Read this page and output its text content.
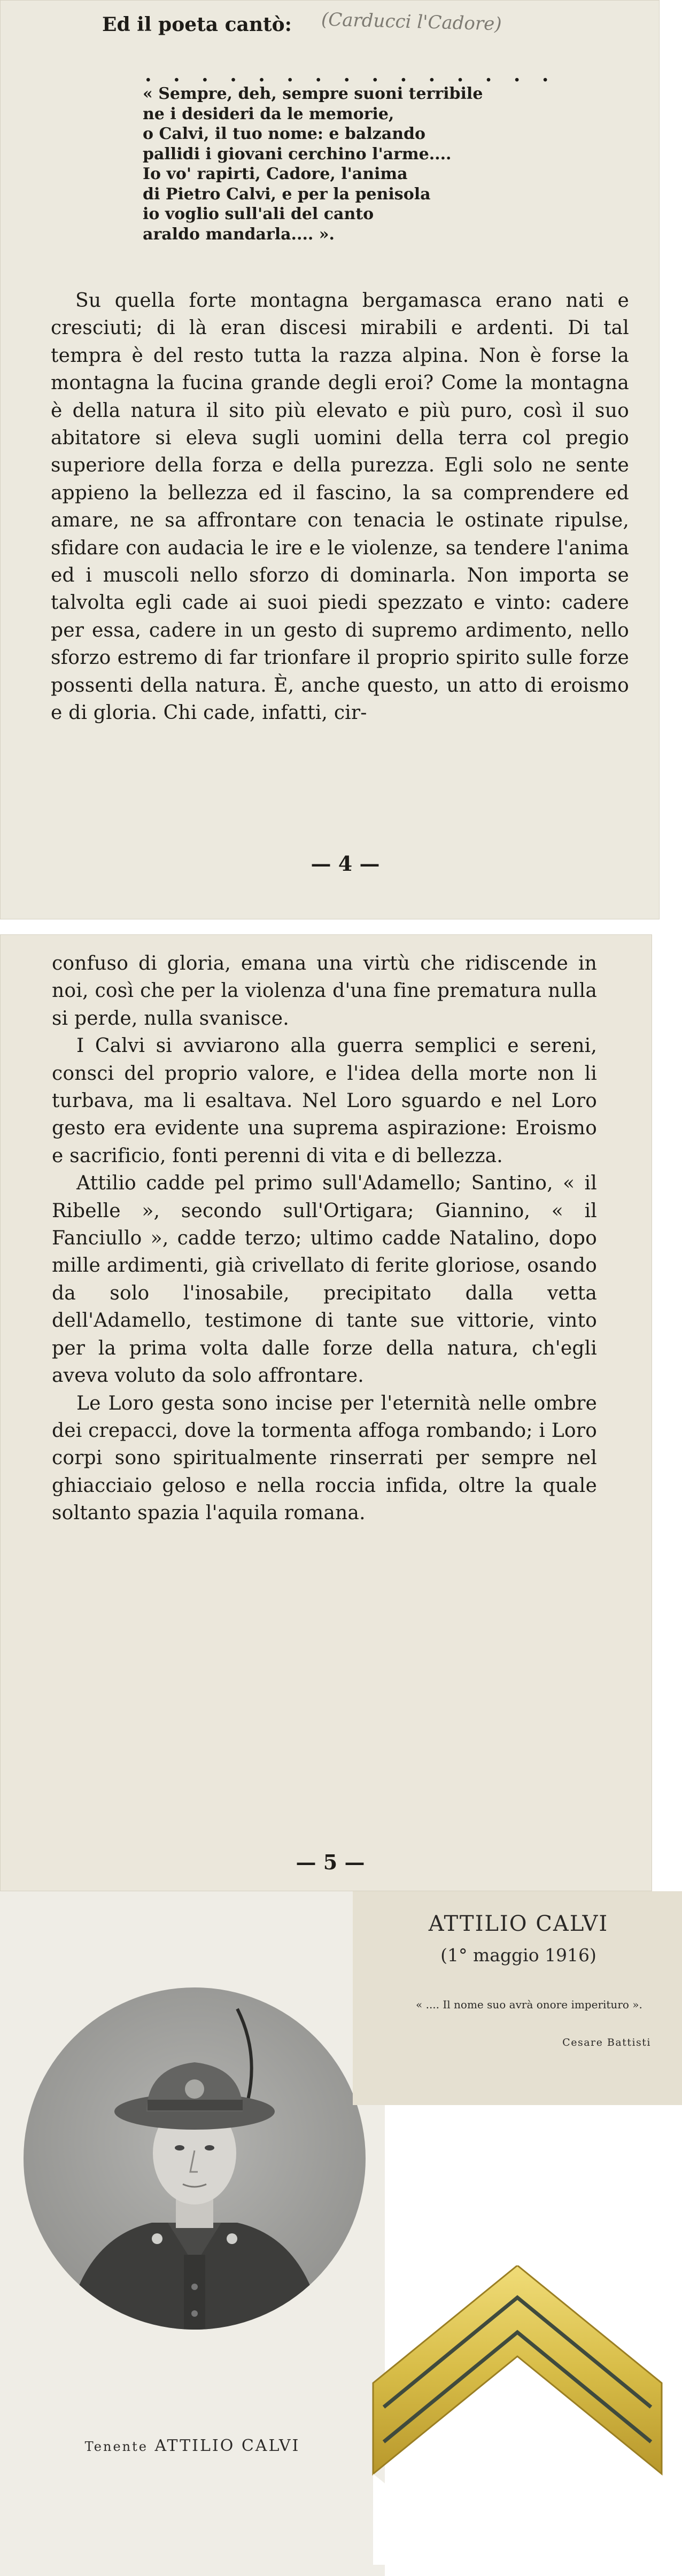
Ed il poeta cantò: (Carducci l'Cadore)
. . . . . . . . . . . . . . .
« Sempre, deh, sempre suoni terribile
ne i desideri da le memorie,
o Calvi, il tuo nome: e balzando
pallidi i giovani cerchino l'arme....
Io vo' rapirti, Cadore, l'anima
di Pietro Calvi, e per la penisola
io voglio sull'ali del canto
araldo mandarla.... ».

Su quella forte montagna bergamasca erano nati e cresciuti; di là eran discesi mirabili e ardenti. Di tal tempra è del resto tutta la razza alpina. Non è forse la montagna la fucina grande degli eroi? Come la montagna è della natura il sito più elevato e più puro, così il suo abitatore si eleva sugli uomini della terra col pregio superiore della forza e della purezza. Egli solo ne sente appieno la bellezza ed il fascino, la sa comprendere ed amare, ne sa affrontare con tenacia le ostinate ripulse, sfidare con audacia le ire e le violenze, sa tendere l'anima ed i muscoli nello sforzo di dominarla. Non importa se talvolta egli cade ai suoi piedi spezzato e vinto: cadere per essa, cadere in un gesto di supremo ardimento, nello sforzo estremo di far trionfare il proprio spirito sulle forze possenti della natura. È, anche questo, un atto di eroismo e di gloria. Chi cade, infatti, cir-

— 4 —

confuso di gloria, emana una virtù che ridiscende in noi, così che per la violenza d'una fine prematura nulla si perde, nulla svanisce.

I Calvi si avviarono alla guerra semplici e sereni, consci del proprio valore, e l'idea della morte non li turbava, ma li esaltava. Nel Loro sguardo e nel Loro gesto era evidente una suprema aspirazione: Eroismo e sacrificio, fonti perenni di vita e di bellezza.

Attilio cadde pel primo sull'Adamello; Santino, « il Ribelle », secondo sull'Ortigara; Giannino, « il Fanciullo », cadde terzo; ultimo cadde Natalino, dopo mille ardimenti, già crivellato di ferite gloriose, osando da solo l'inosabile, precipitato dalla vetta dell'Adamello, testimone di tante sue vittorie, vinto per la prima volta dalle forze della natura, ch'egli aveva voluto da solo affrontare.

Le Loro gesta sono incise per l'eternità nelle ombre dei crepacci, dove la tormenta affoga rombando; i Loro corpi sono spiritualmente rinserrati per sempre nel ghiacciaio geloso e nella roccia infida, oltre la quale soltanto spazia l'aquila romana.

— 5 —
Tenente ATTILIO CALVI
ATTILIO CALVI
(1° maggio 1916)
« .... Il nome suo avrà onore imperituro ».
Cesare Battisti
